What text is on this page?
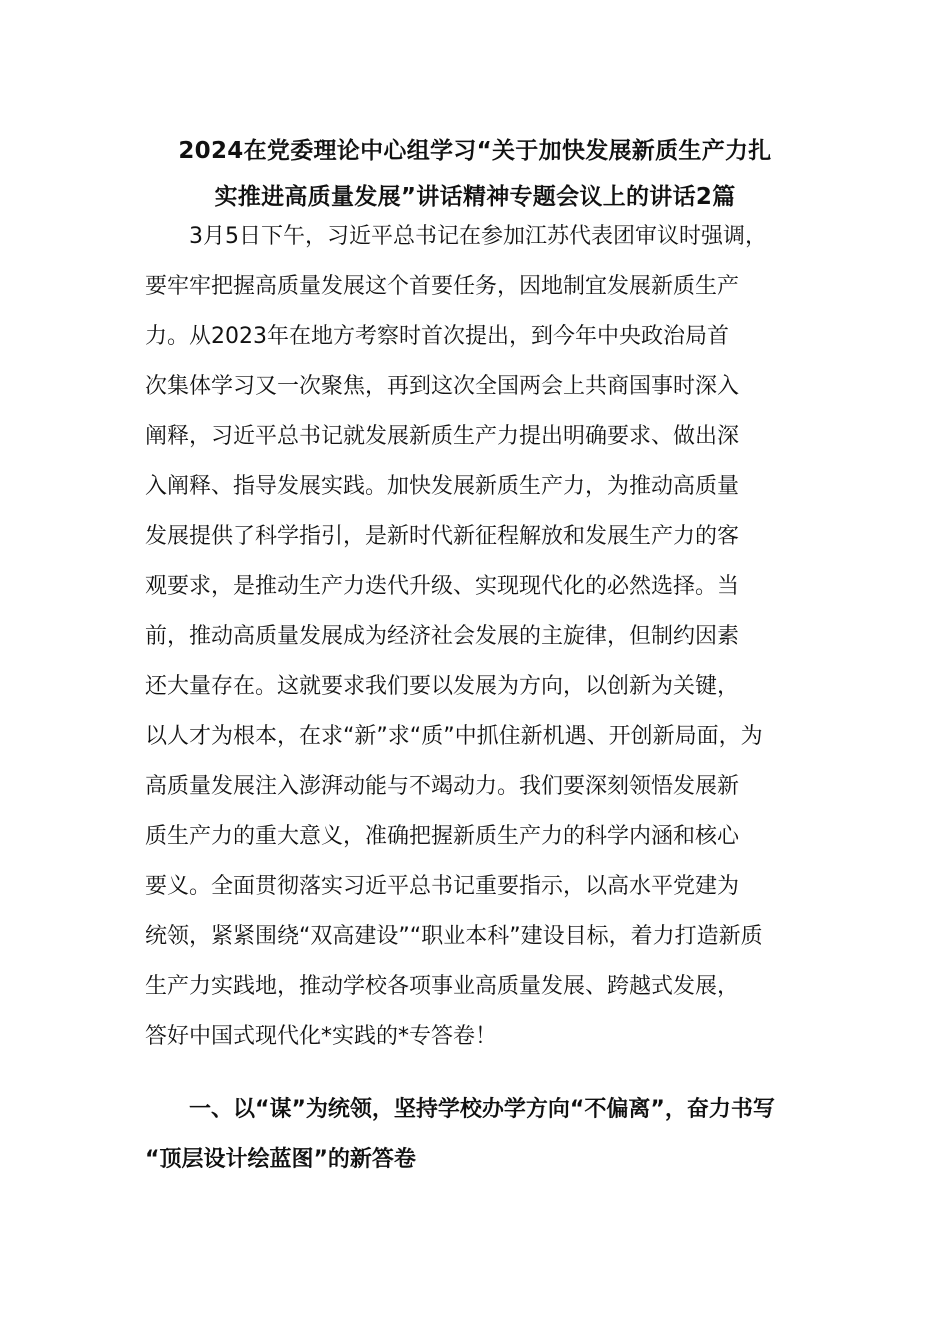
2024在党委理论中心组学习“关于加快发展新质生产力扎
实推进高质量发展”讲话精神专题会议上的讲话2篇
3月5日下午，习近平总书记在参加江苏代表团审议时强调，
要牢牢把握高质量发展这个首要任务，因地制宜发展新质生产
力。从2023年在地方考察时首次提出，到今年中央政治局首
次集体学习又一次聚焦，再到这次全国两会上共商国事时深入
阐释，习近平总书记就发展新质生产力提出明确要求、做出深
入阐释、指导发展实践。加快发展新质生产力，为推动高质量
发展提供了科学指引，是新时代新征程解放和发展生产力的客
观要求，是推动生产力迭代升级、实现现代化的必然选择。当
前，推动高质量发展成为经济社会发展的主旋律，但制约因素
还大量存在。这就要求我们要以发展为方向，以创新为关键，
以人才为根本，在求“新”求“质”中抓住新机遇、开创新局面，为
高质量发展注入澎湃动能与不竭动力。我们要深刻领悟发展新
质生产力的重大意义，准确把握新质生产力的科学内涵和核心
要义。全面贯彻落实习近平总书记重要指示，以高水平党建为
统领，紧紧围绕“双高建设”“职业本科”建设目标，着力打造新质
生产力实践地，推动学校各项事业高质量发展、跨越式发展，
答好中国式现代化*实践的*专答卷！
一、以“谋”为统领，坚持学校办学方向“不偏离”，奋力书写
“顶层设计绘蓝图”的新答卷
